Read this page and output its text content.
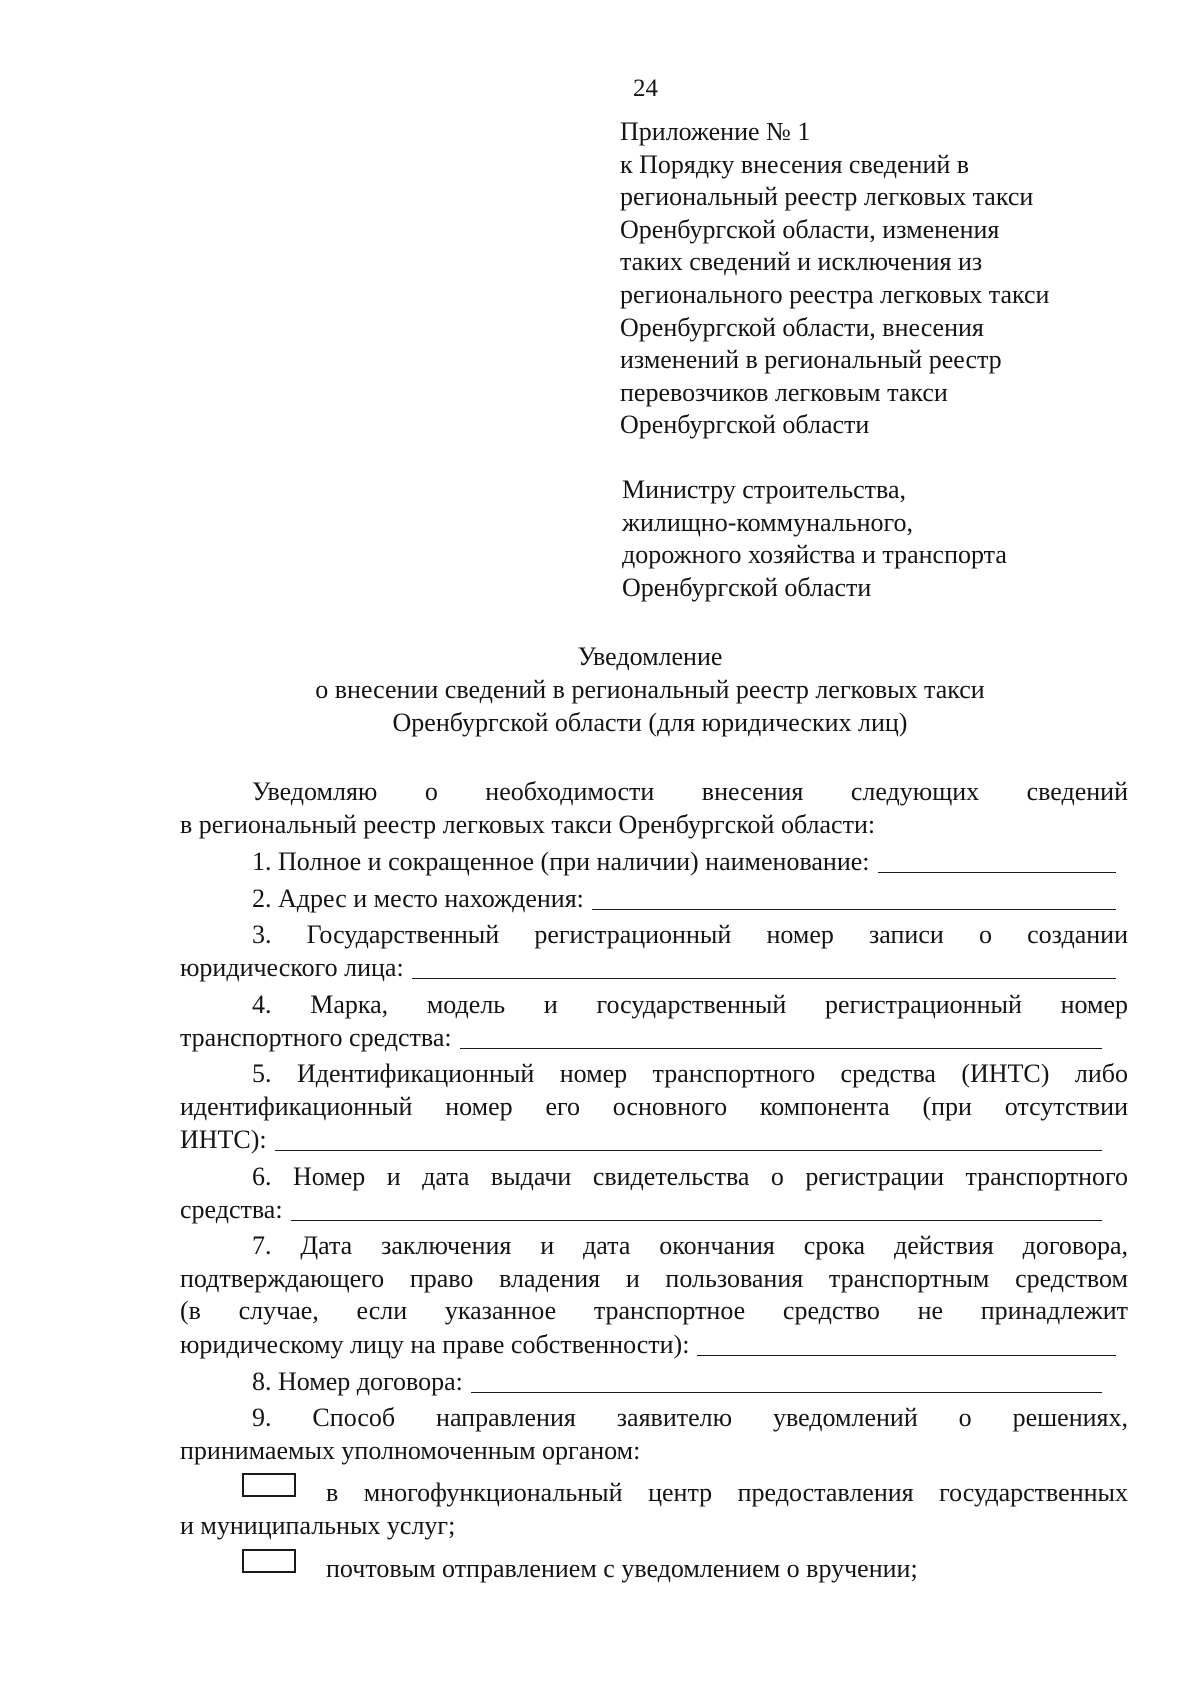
24
Приложение № 1
к Порядку внесения сведений в
региональный реестр легковых такси
Оренбургской области, изменения
таких сведений и исключения из
регионального реестра легковых такси
Оренбургской области, внесения
изменений в региональный реестр
перевозчиков легковым такси
Оренбургской области
Министру строительства,
жилищно-коммунального,
дорожного хозяйства и транспорта
Оренбургской области
Уведомление
о внесении сведений в региональный реестр легковых такси
Оренбургской области (для юридических лиц)
Уведомляю о необходимости внесения следующих сведений
в региональный реестр легковых такси Оренбургской области:
1. Полное и сокращенное (при наличии) наименование:
2. Адрес и место нахождения:
3. Государственный регистрационный номер записи о создании
юридического лица:
4. Марка, модель и государственный регистрационный номер
транспортного средства:
5. Идентификационный номер транспортного средства (ИНТС) либо
идентификационный номер его основного компонента (при отсутствии
ИНТС):
6. Номер и дата выдачи свидетельства о регистрации транспортного
средства:
7. Дата заключения и дата окончания срока действия договора,
подтверждающего право владения и пользования транспортным средством
(в случае, если указанное транспортное средство не принадлежит
юридическому лицу на праве собственности):
8. Номер договора:
9. Способ направления заявителю уведомлений о решениях,
принимаемых уполномоченным органом:
в многофункциональный центр предоставления государственных
и муниципальных услуг;
почтовым отправлением с уведомлением о вручении;
